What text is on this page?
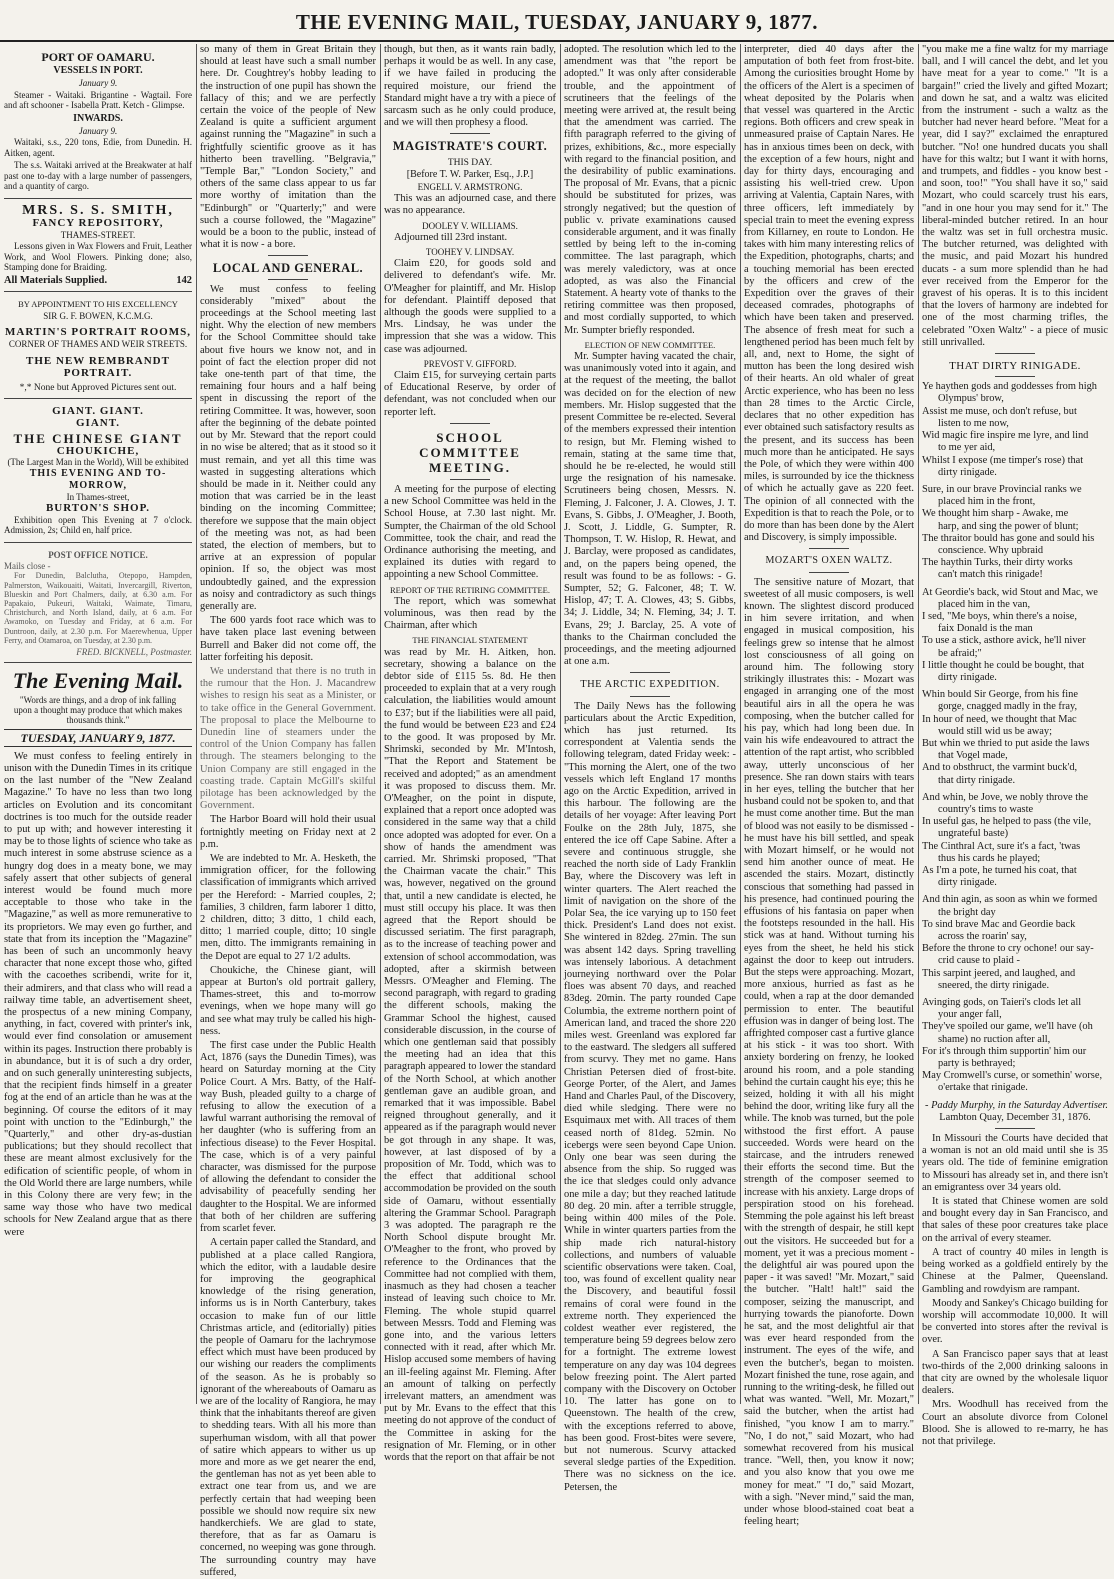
THE EVENING MAIL, TUESDAY, JANUARY 9, 1877.
PORT OF OAMARU.
VESSELS IN PORT.
January 9.

Steamer - Waitaki. Brigantine - Wagtail. Fore and aft schooner - Isabella Pratt. Ketch - Glimpse.

INWARDS.
January 9.

Waitaki, s.s., 220 tons, Edie, from Dunedin. H. Aitken, agent.

The s.s. Waitaki arrived at the Breakwater at half past one to-day with a large number of passengers, and a quantity of cargo.

MRS. S. S. SMITH,
FANCY REPOSITORY,
THAMES-STREET.

Lessons given in Wax Flowers and Fruit, Leather Work, and Wool Flowers. Pinking done; also, Stamping done for Braiding.

All Materials Supplied.	142
BY APPOINTMENT TO HIS EXCELLENCY
SIR G. F. BOWEN, K.C.M.G.
MARTIN'S PORTRAIT ROOMS,
CORNER OF THAMES AND WEIR STREETS.
THE NEW REMBRANDT PORTRAIT.
*,* None but Approved Pictures sent out.
GIANT. GIANT.
GIANT.
THE CHINESE GIANT
CHOUKICHE,
(The Largest Man in the World), Will be exhibited
THIS EVENING AND TO-MORROW,
In Thames-street,
BURTON'S SHOP.

Exhibition open This Evening at 7 o'clock. Admission, 2s; Child en, half price.

POST OFFICE NOTICE.
Mails close -

For Dunedin, Balclutha, Otepopo, Hampden, Palmerston, Waikouaiti, Waitati, Invercargill, Riverton, Blueskin and Port Chalmers, daily, at 6.30 a.m. For Papakaio, Pukeuri, Waitaki, Waimate, Timaru, Christchurch, and North Island, daily, at 6 a.m. For Awamoko, on Tuesday and Friday, at 6 a.m. For Duntroon, daily, at 2.30 p.m. For Maerewhenua, Upper Ferry, and Otamaroa, on Tuesday, at 2.30 p.m.

FRED. BICKNELL, Postmaster.
The Evening Mail.
"Words are things, and a drop of ink falling upon a thought may produce that which makes thousands think."
TUESDAY, JANUARY 9, 1877.

We must confess to feeling entirely in unison with the Dunedin Times in its critique on the last number of the "New Zealand Magazine." To have no less than two long articles on Evolution and its concomitant doctrines is too much for the outside reader to put up with; and however interesting it may be to those lights of science who take as much interest in some abstruse science as a hungry dog does in a meaty bone, we may safely assert that other subjects of general interest would be found much more acceptable to those who take in the "Magazine," as well as more remunerative to its proprietors. We may even go further, and state that from its inception the "Magazine" has been of such an uncommonly heavy character that none except those who, gifted with the cacoethes scribendi, write for it, their admirers, and that class who will read a railway time table, an advertisement sheet, the prospectus of a new mining Company, anything, in fact, covered with printer's ink, would ever find consolation or amusement within its pages. Instruction there probably is in abundance, but it is of such a dry order, and on such generally uninteresting subjects, that the recipient finds himself in a greater fog at the end of an article than he was at the beginning. Of course the editors of it may point with unction to the "Edinburgh," the "Quarterly," and other dry-as-dustian publications; but they should recollect that these are meant almost exclusively for the edification of scientific people, of whom in the Old World there are large numbers, while in this Colony there are very few; in the same way those who have two medical schools for New Zealand argue that as there were

so many of them in Great Britain they should at least have such a small number here. Dr. Coughtrey's hobby leading to the instruction of one pupil has shown the fallacy of this; and we are perfectly certain the voice of the people of New Zealand is quite a sufficient argument against running the "Magazine" in such a frightfully scientific groove as it has hitherto been travelling. "Belgravia," "Temple Bar," "London Society," and others of the same class appear to us far more worthy of imitation than the "Edinburgh" or "Quarterly;" and were such a course followed, the "Magazine" would be a boon to the public, instead of what it is now - a bore.

LOCAL AND GENERAL.

We must confess to feeling considerably "mixed" about the proceedings at the School meeting last night. Why the election of new members for the School Committee should take about five hours we know not, and in point of fact the election proper did not take one-tenth part of that time, the remaining four hours and a half being spent in discussing the report of the retiring Committee. It was, however, soon after the beginning of the debate pointed out by Mr. Steward that the report could in no wise be altered; that as it stood so it must remain, and yet all this time was wasted in suggesting alterations which should be made in it. Neither could any motion that was carried be in the least binding on the incoming Committee; therefore we suppose that the main object of the meeting was not, as had been stated, the election of members, but to arrive at an expression of popular opinion. If so, the object was most undoubtedly gained, and the expression as noisy and contradictory as such things generally are.

The 600 yards foot race which was to have taken place last evening between Burrell and Baker did not come off, the latter forfeiting his deposit.

We understand that there is no truth in the rumour that the Hon. J. Macandrew wishes to resign his seat as a Minister, or to take office in the General Government. The proposal to place the Melbourne to Dunedin line of steamers under the control of the Union Company has fallen through. The steamers belonging to the Union Company are still engaged in the coasting trade. Captain McGill's skilful pilotage has been acknowledged by the Government.

The Harbor Board will hold their usual fortnightly meeting on Friday next at 2 p.m.

We are indebted to Mr. A. Hesketh, the immigration officer, for the following classification of immigrants which arrived per the Hereford: - Married couples, 2; families, 3 children, farm laborer 1 ditto, 2 children, ditto; 3 ditto, 1 child each, ditto; 1 married couple, ditto; 10 single men, ditto. The immigrants remaining in the Depot are equal to 27 1/2 adults.

Choukiche, the Chinese giant, will appear at Burton's old portrait gallery, Thames-street, this and to-morrow evenings, when we hope many will go and see what may truly be called his high-ness.

The first case under the Public Health Act, 1876 (says the Dunedin Times), was heard on Saturday morning at the City Police Court. A Mrs. Batty, of the Half-way Bush, pleaded guilty to a charge of refusing to allow the execution of a lawful warrant authorising the removal of her daughter (who is suffering from an infectious disease) to the Fever Hospital. The case, which is of a very painful character, was dismissed for the purpose of allowing the defendant to consider the advisability of peacefully sending her daughter to the Hospital. We are informed that both of her children are suffering from scarlet fever.

A certain paper called the Standard, and published at a place called Rangiora, which the editor, with a laudable desire for improving the geographical knowledge of the rising generation, informs us is in North Canterbury, takes occasion to make fun of our little Christmas article, and (editorially) pities the people of Oamaru for the lachrymose effect which must have been produced by our wishing our readers the compliments of the season. As he is probably so ignorant of the whereabouts of Oamaru as we are of the locality of Rangiora, he may think that the inhabitants thereof are given to shedding tears. With all his more than superhuman wisdom, with all that power of satire which appears to wither us up more and more as we get nearer the end, the gentleman has not as yet been able to extract one tear from us, and we are perfectly certain that had weeping been possible we should now require six new handkerchiefs. We are glad to state, therefore, that as far as Oamaru is concerned, no weeping was gone through. The surrounding country may have suffered,

though, but then, as it wants rain badly, perhaps it would be as well. In any case, if we have failed in producing the required moisture, our friend the Standard might have a try with a piece of sarcasm such as he only could produce, and we will then prophesy a flood.

MAGISTRATE'S COURT.
THIS DAY.
[Before T. W. Parker, Esq., J.P.]
ENGELL V. ARMSTRONG.

This was an adjourned case, and there was no appearance.

DOOLEY V. WILLIAMS.

Adjourned till 23rd instant.

TOOHEY V. LINDSAY.

Claim £20, for goods sold and delivered to defendant's wife. Mr. O'Meagher for plaintiff, and Mr. Hislop for defendant. Plaintiff deposed that although the goods were supplied to a Mrs. Lindsay, he was under the impression that she was a widow. This case was adjourned.

PREVOST V. GIFFORD.

Claim £15, for surveying certain parts of Educational Reserve, by order of defendant, was not concluded when our reporter left.

SCHOOL COMMITTEE MEETING.

A meeting for the purpose of electing a new School Committee was held in the School House, at 7.30 last night. Mr. Sumpter, the Chairman of the old School Committee, took the chair, and read the Ordinance authorising the meeting, and explained its duties with regard to appointing a new School Committee.

REPORT OF THE RETIRING COMMITTEE.

The report, which was somewhat voluminous, was then read by the Chairman, after which

THE FINANCIAL STATEMENT

was read by Mr. H. Aitken, hon. secretary, showing a balance on the debtor side of £115 5s. 8d. He then proceeded to explain that at a very rough calculation, the liabilities would amount to £37; but if the liabilities were all paid, the fund would be between £23 and £24 to the good. It was proposed by Mr. Shrimski, seconded by Mr. M'Intosh, "That the Report and Statement be received and adopted;" as an amendment it was proposed to discuss them. Mr. O'Meagher, on the point in dispute, explained that a report once adopted was considered in the same way that a child once adopted was adopted for ever. On a show of hands the amendment was carried. Mr. Shrimski proposed, "That the Chairman vacate the chair." This was, however, negatived on the ground that, until a new candidate is elected, he must still occupy his place. It was then agreed that the Report should be discussed seriatim. The first paragraph, as to the increase of teaching power and extension of school accommodation, was adopted, after a skirmish between Messrs. O'Meagher and Fleming. The second paragraph, with regard to grading the different schools, making the Grammar School the highest, caused considerable discussion, in the course of which one gentleman said that possibly the meeting had an idea that this paragraph appeared to lower the standard of the North School, at which another gentleman gave an audible groan, and remarked that it was impossible. Babel reigned throughout generally, and it appeared as if the paragraph would never be got through in any shape. It was, however, at last disposed of by a proposition of Mr. Todd, which was to the effect that additional school accommodation be provided on the south side of Oamaru, without essentially altering the Grammar School. Paragraph 3 was adopted. The paragraph re the North School dispute brought Mr. O'Meagher to the front, who proved by reference to the Ordinances that the Committee had not complied with them, inasmuch as they had chosen a teacher instead of leaving such choice to Mr. Fleming. The whole stupid quarrel between Messrs. Todd and Fleming was gone into, and the various letters connected with it read, after which Mr. Hislop accused some members of having an ill-feeling against Mr. Fleming. After an amount of talking on perfectly irrelevant matters, an amendment was put by Mr. Evans to the effect that this meeting do not approve of the conduct of the Committee in asking for the resignation of Mr. Fleming, or in other words that the report on that affair be not

adopted. The resolution which led to the amendment was that "the report be adopted." It was only after considerable trouble, and the appointment of scrutineers that the feelings of the meeting were arrived at, the result being that the amendment was carried. The fifth paragraph referred to the giving of prizes, exhibitions, &c., more especially with regard to the financial position, and the desirability of public examinations. The proposal of Mr. Evans, that a picnic should be substituted for prizes, was strongly negatived; but the question of public v. private examinations caused considerable argument, and it was finally settled by being left to the in-coming committee. The last paragraph, which was merely valedictory, was at once adopted, as was also the Financial Statement. A hearty vote of thanks to the retiring committee was then proposed, and most cordially supported, to which Mr. Sumpter briefly responded.

ELECTION OF NEW COMMITTEE.

Mr. Sumpter having vacated the chair, was unanimously voted into it again, and at the request of the meeting, the ballot was decided on for the election of new members. Mr. Hislop suggested that the present Committee be re-elected. Several of the members expressed their intention to resign, but Mr. Fleming wished to remain, stating at the same time that, should he be re-elected, he would still urge the resignation of his namesake. Scrutineers being chosen, Messrs. N. Fleming, J. Falconer, J. A. Clowes, J. T. Evans, S. Gibbs, J. O'Meagher, J. Booth, J. Scott, J. Liddle, G. Sumpter, R. Thompson, T. W. Hislop, R. Hewat, and J. Barclay, were proposed as candidates, and, on the papers being opened, the result was found to be as follows: - G. Sumpter, 52; G. Falconer, 48; T. W. Hislop, 47; T. A. Clowes, 43; S. Gibbs, 34; J. Liddle, 34; N. Fleming, 34; J. T. Evans, 29; J. Barclay, 25. A vote of thanks to the Chairman concluded the proceedings, and the meeting adjourned at one a.m.

THE ARCTIC EXPEDITION.

The Daily News has the following particulars about the Arctic Expedition, which has just returned. Its correspondent at Valentia sends the following telegram, dated Friday week: - "This morning the Alert, one of the two vessels which left England 17 months ago on the Arctic Expedition, arrived in this harbour. The following are the details of her voyage: After leaving Port Foulke on the 28th July, 1875, she entered the ice off Cape Sabine. After a severe and continuous struggle, she reached the north side of Lady Franklin Bay, where the Discovery was left in winter quarters. The Alert reached the limit of navigation on the shore of the Polar Sea, the ice varying up to 150 feet thick. President's Land does not exist. She wintered in 82deg. 27min. The sun was absent 142 days. Spring travelling was intensely laborious. A detachment journeying northward over the Polar floes was absent 70 days, and reached 83deg. 20min. The party rounded Cape Columbia, the extreme northern point of American land, and traced the shore 220 miles west. Greenland was explored far to the eastward. The sledgers all suffered from scurvy. They met no game. Hans Christian Petersen died of frost-bite. George Porter, of the Alert, and James Hand and Charles Paul, of the Discovery, died while sledging. There were no Esquimaux met with. All traces of them ceased north of 81deg. 52min. No icebergs were seen beyond Cape Union. Only one bear was seen during the absence from the ship. So rugged was the ice that sledges could only advance one mile a day; but they reached latitude 80 deg. 20 min. after a terrible struggle, being within 400 miles of the Pole. While in winter quarters parties from the ship made rich natural-history collections, and numbers of valuable scientific observations were taken. Coal, too, was found of excellent quality near the Discovery, and beautiful fossil remains of coral were found in the extreme north. They experienced the coldest weather ever registered, the temperature being 59 degrees below zero for a fortnight. The extreme lowest temperature on any day was 104 degrees below freezing point. The Alert parted company with the Discovery on October 10. The latter has gone on to Queenstown. The health of the crew, with the exceptions referred to above, has been good. Frost-bites were severe, but not numerous. Scurvy attacked several sledge parties of the Expedition. There was no sickness on the ice. Petersen, the

interpreter, died 40 days after the amputation of both feet from frost-bite. Among the curiosities brought Home by the officers of the Alert is a specimen of wheat deposited by the Polaris when that vessel was quartered in the Arctic regions. Both officers and crew speak in unmeasured praise of Captain Nares. He has in anxious times been on deck, with the exception of a few hours, night and day for thirty days, encouraging and assisting his well-tried crew. Upon arriving at Valentia, Captain Nares, with three officers, left immediately by special train to meet the evening express from Killarney, en route to London. He takes with him many interesting relics of the Expedition, photographs, charts; and a touching memorial has been erected by the officers and crew of the Expedition over the graves of their deceased comrades, photographs of which have been taken and preserved. The absence of fresh meat for such a lengthened period has been much felt by all, and, next to Home, the sight of mutton has been the long desired wish of their hearts. An old whaler of great Arctic experience, who has been no less than 28 times to the Arctic Circle, declares that no other expedition has ever obtained such satisfactory results as the present, and its success has been much more than he anticipated. He says the Pole, of which they were within 400 miles, is surrounded by ice the thickness of which he actually gave as 220 feet. The opinion of all connected with the Expedition is that to reach the Pole, or to do more than has been done by the Alert and Discovery, is simply impossible.

MOZART'S OXEN WALTZ.

The sensitive nature of Mozart, that sweetest of all music composers, is well known. The slightest discord produced in him severe irritation, and when engaged in musical composition, his feelings grew so intense that he almost lost consciousness of all going on around him. The following story strikingly illustrates this: - Mozart was engaged in arranging one of the most beautiful airs in all the opera he was composing, when the butcher called for his pay, which had long been due. In vain his wife endeavoured to attract the attention of the rapt artist, who scribbled away, utterly unconscious of her presence. She ran down stairs with tears in her eyes, telling the butcher that her husband could not be spoken to, and that he must come another time. But the man of blood was not easily to be dismissed - he must have his bill settled, and speak with Mozart himself, or he would not send him another ounce of meat. He ascended the stairs. Mozart, distinctly conscious that something had passed in his presence, had continued pouring the effusions of his fantasia on paper when the footsteps resounded in the hall. His stick was at hand. Without turning his eyes from the sheet, he held his stick against the door to keep out intruders. But the steps were approaching. Mozart, more anxious, hurried as fast as he could, when a rap at the door demanded permission to enter. The beautiful effusion was in danger of being lost. The affrighted composer cast a furtive glance at his stick - it was too short. With anxiety bordering on frenzy, he looked around his room, and a pole standing behind the curtain caught his eye; this he seized, holding it with all his might behind the door, writing like fury all the while. The knob was turned, but the pole withstood the first effort. A pause succeeded. Words were heard on the staircase, and the intruders renewed their efforts the second time. But the strength of the composer seemed to increase with his anxiety. Large drops of perspiration stood on his forehead. Stemming the pole against his left breast with the strength of despair, he still kept out the visitors. He succeeded but for a moment, yet it was a precious moment - the delightful air was poured upon the paper - it was saved! "Mr. Mozart," said the butcher. "Halt! halt!" said the composer, seizing the manuscript, and hurrying towards the pianoforte. Down he sat, and the most delightful air that was ever heard responded from the instrument. The eyes of the wife, and even the butcher's, began to moisten. Mozart finished the tune, rose again, and running to the writing-desk, he filled out what was wanted. "Well, Mr. Mozart," said the butcher, when the artist had finished, "you know I am to marry." "No, I do not," said Mozart, who had somewhat recovered from his musical trance. "Well, then, you know it now; and you also know that you owe me money for meat." "I do," said Mozart, with a sigh. "Never mind," said the man, under whose blood-stained coat beat a feeling heart;

"you make me a fine waltz for my marriage ball, and I will cancel the debt, and let you have meat for a year to come." "It is a bargain!" cried the lively and gifted Mozart; and down he sat, and a waltz was elicited from the instrument - such a waltz as the butcher had never heard before. "Meat for a year, did I say?" exclaimed the enraptured butcher. "No! one hundred ducats you shall have for this waltz; but I want it with horns, and trumpets, and fiddles - you know best - and soon, too!" "You shall have it so," said Mozart, who could scarcely trust his ears, "and in one hour you may send for it." The liberal-minded butcher retired. In an hour the waltz was set in full orchestra music. The butcher returned, was delighted with the music, and paid Mozart his hundred ducats - a sum more splendid than he had ever received from the Emperor for the gravest of his operas. It is to this incident that the lovers of harmony are indebted for one of the most charming trifles, the celebrated "Oxen Waltz" - a piece of music still unrivalled.

THAT DIRTY RINIGADE.

Ye haythen gods and goddesses from high

Olympus' brow,

Assist me muse, och don't refuse, but

listen to me now,

Wid magic fire inspire me lyre, and lind

to me yer aid,

Whilst I expose (me timper's rose) that

dirty rinigade.

Sure, in our brave Provincial ranks we

placed him in the front,

We thought him sharp - Awake, me

harp, and sing the power of blunt;

The thraitor bould has gone and sould his

conscience. Why upbraid

The haythin Turks, their dirty works

can't match this rinigade!

At Geordie's back, wid Stout and Mac, we

placed him in the van,

I sed, "Me boys, whin there's a noise,

faix Donald is the man

To use a stick, asthore avick, he'll niver

be afraid;"

I little thought he could be bought, that

dirty rinigade.

Whin bould Sir George, from his fine

gorge, cnagged madly in the fray,

In hour of need, we thought that Mac

would still wid us be away;

But whin we thried to put aside the laws

that Vogel made,

And to obsthruct, the varmint buck'd,

that dirty rinigade.

And whin, be Jove, we nobly throve the

country's tims to waste

In useful gas, he helped to pass (the vile,

ungrateful baste)

The Cinthral Act, sure it's a fact, 'twas

thus his cards he played;

As I'm a pote, he turned his coat, that

dirty rinigade.

And thin agin, as soon as whin we formed

the bright day

To sind brave Mac and Geordie back

across the roarin' say,

Before the throne to cry ochone! our say-

crid cause to plaid -

This sarpint jeered, and laughed, and

sneered, the dirty rinigade.

Avinging gods, on Taieri's clods let all

your anger fall,

They've spoiled our game, we'll have (oh

shame) no ruction after all,

For it's through thim supportin' him our

party is bethrayed;

May Cromwell's curse, or somethin' worse,

o'ertake that rinigade.

- Paddy Murphy, in the Saturday Advertiser.
Lambton Quay, December 31, 1876.

In Missouri the Courts have decided that a woman is not an old maid until she is 35 years old. The tide of feminine emigration to Missouri has already set in, and there isn't an emigrantess over 34 years old.

It is stated that Chinese women are sold and bought every day in San Francisco, and that sales of these poor creatures take place on the arrival of every steamer.

A tract of country 40 miles in length is being worked as a goldfield entirely by the Chinese at the Palmer, Queensland. Gambling and rowdyism are rampant.

Moody and Sankey's Chicago building for worship will accommodate 10,000. It will be converted into stores after the revival is over.

A San Francisco paper says that at least two-thirds of the 2,000 drinking saloons in that city are owned by the wholesale liquor dealers.

Mrs. Woodhull has received from the Court an absolute divorce from Colonel Blood. She is allowed to re-marry, he has not that privilege.
